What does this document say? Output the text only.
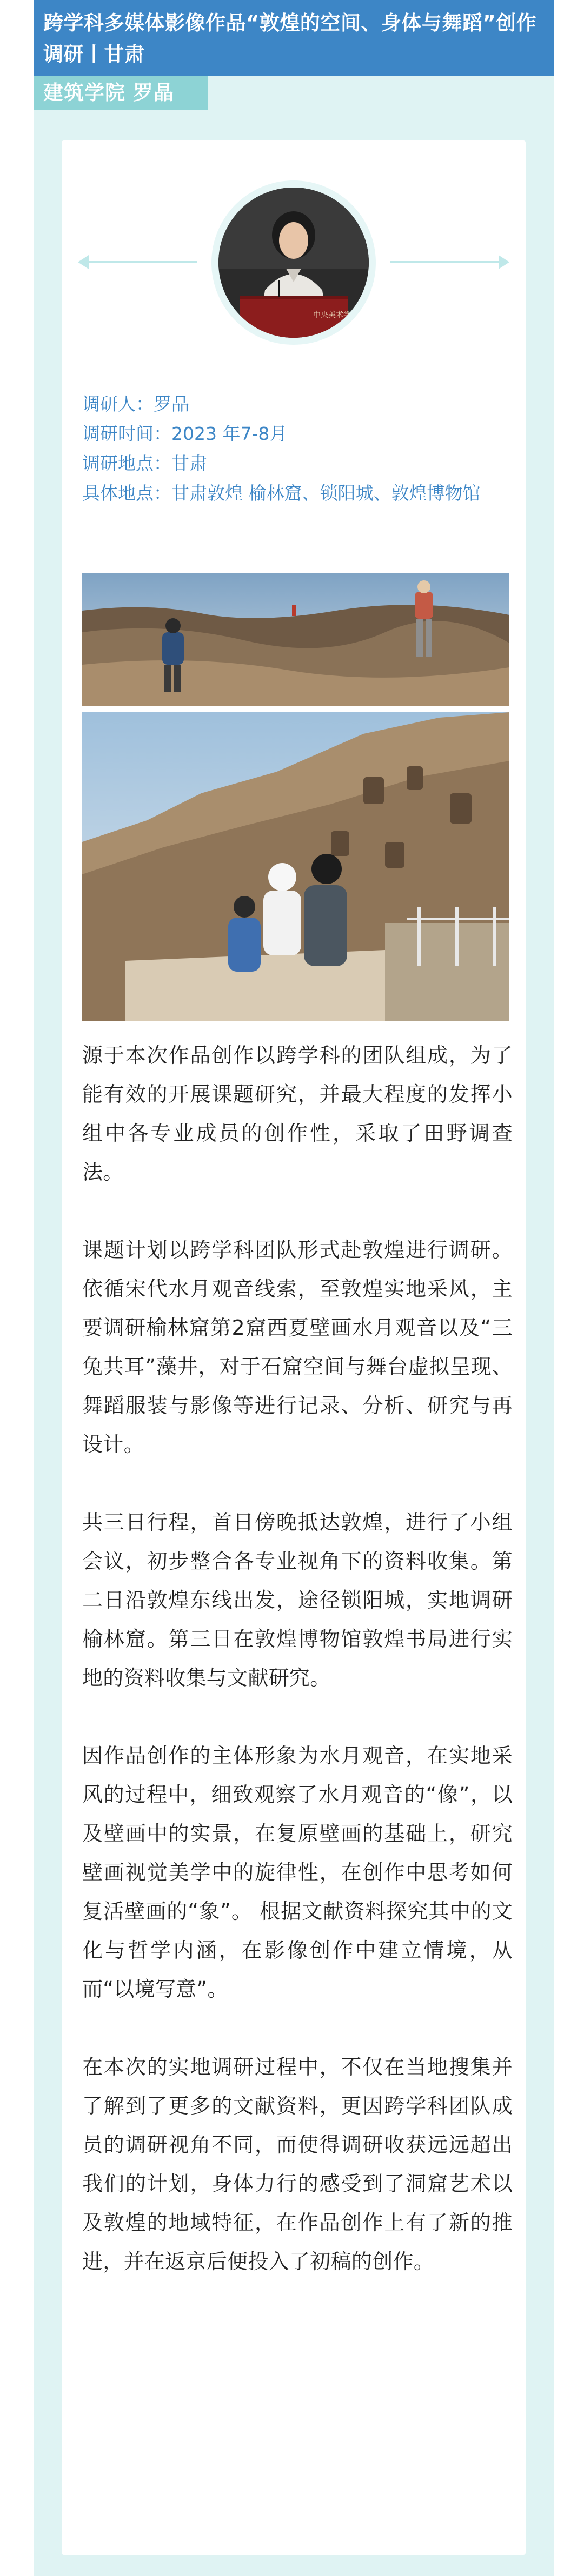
跨学科多媒体影像作品“敦煌的空间、身体与舞蹈”创作调研丨甘肃
建筑学院 罗晶
中央美术学院
调研人：罗晶
调研时间：2023 年7-8月
调研地点：甘肃
具体地点：甘肃敦煌 榆林窟、锁阳城、敦煌博物馆

源于本次作品创作以跨学科的团队组成，为了能有效的开展课题研究，并最大程度的发挥小组中各专业成员的创作性，采取了田野调查法。

课题计划以跨学科团队形式赴敦煌进行调研。依循宋代水月观音线索，至敦煌实地采风，主要调研榆林窟第2窟西夏壁画水月观音以及“三兔共耳”藻井，对于石窟空间与舞台虚拟呈现、舞蹈服装与影像等进行记录、分析、研究与再设计。

共三日行程，首日傍晚抵达敦煌，进行了小组会议，初步整合各专业视角下的资料收集。第二日沿敦煌东线出发，途径锁阳城，实地调研榆林窟。第三日在敦煌博物馆敦煌书局进行实地的资料收集与文献研究。

因作品创作的主体形象为水月观音，在实地采风的过程中，细致观察了水月观音的“像”，以及壁画中的实景，在复原壁画的基础上，研究壁画视觉美学中的旋律性，在创作中思考如何复活壁画的“象”。 根据文献资料探究其中的文化与哲学内涵，在影像创作中建立情境，从而“以境写意”。

在本次的实地调研过程中，不仅在当地搜集并了解到了更多的文献资料，更因跨学科团队成员的调研视角不同，而使得调研收获远远超出我们的计划，身体力行的感受到了洞窟艺术以及敦煌的地域特征，在作品创作上有了新的推进，并在返京后便投入了初稿的创作。
